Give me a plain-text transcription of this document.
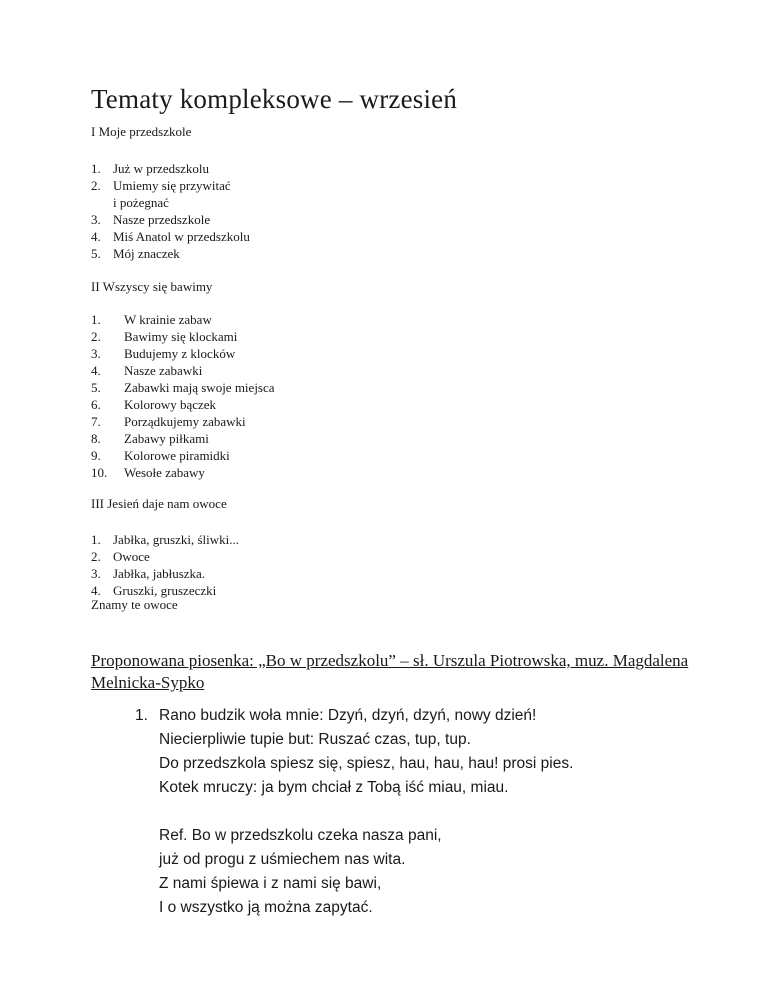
Tematy kompleksowe – wrzesień
I Moje przedszkole
1. Już w przedszkolu
2. Umiemy się przywitać
i pożegnać
3. Nasze przedszkole
4. Miś Anatol w przedszkolu
5. Mój znaczek
II Wszyscy się bawimy
1. W krainie zabaw
2. Bawimy się klockami
3. Budujemy z klocków
4. Nasze zabawki
5. Zabawki mają swoje miejsca
6. Kolorowy bączek
7. Porządkujemy zabawki
8. Zabawy piłkami
9. Kolorowe piramidki
10. Wesołe zabawy
III Jesień daje nam owoce
1. Jabłka, gruszki, śliwki...
2. Owoce
3. Jabłka, jabłuszka.
4. Gruszki, gruszeczki
Znamy te owoce
Proponowana piosenka: „Bo w przedszkolu” – sł. Urszula Piotrowska, muz. Magdalena Melnicka-Sypko
1. Rano budzik woła mnie: Dzyń, dzyń, dzyń, nowy dzień!
Niecierpliwie tupie but: Ruszać czas, tup, tup.
Do przedszkola spiesz się, spiesz, hau, hau, hau! prosi pies.
Kotek mruczy: ja bym chciał z Tobą iść miau, miau.
Ref. Bo w przedszkolu czeka nasza pani,
już od progu z uśmiechem nas wita.
Z nami śpiewa i z nami się bawi,
I o wszystko ją można zapytać.
